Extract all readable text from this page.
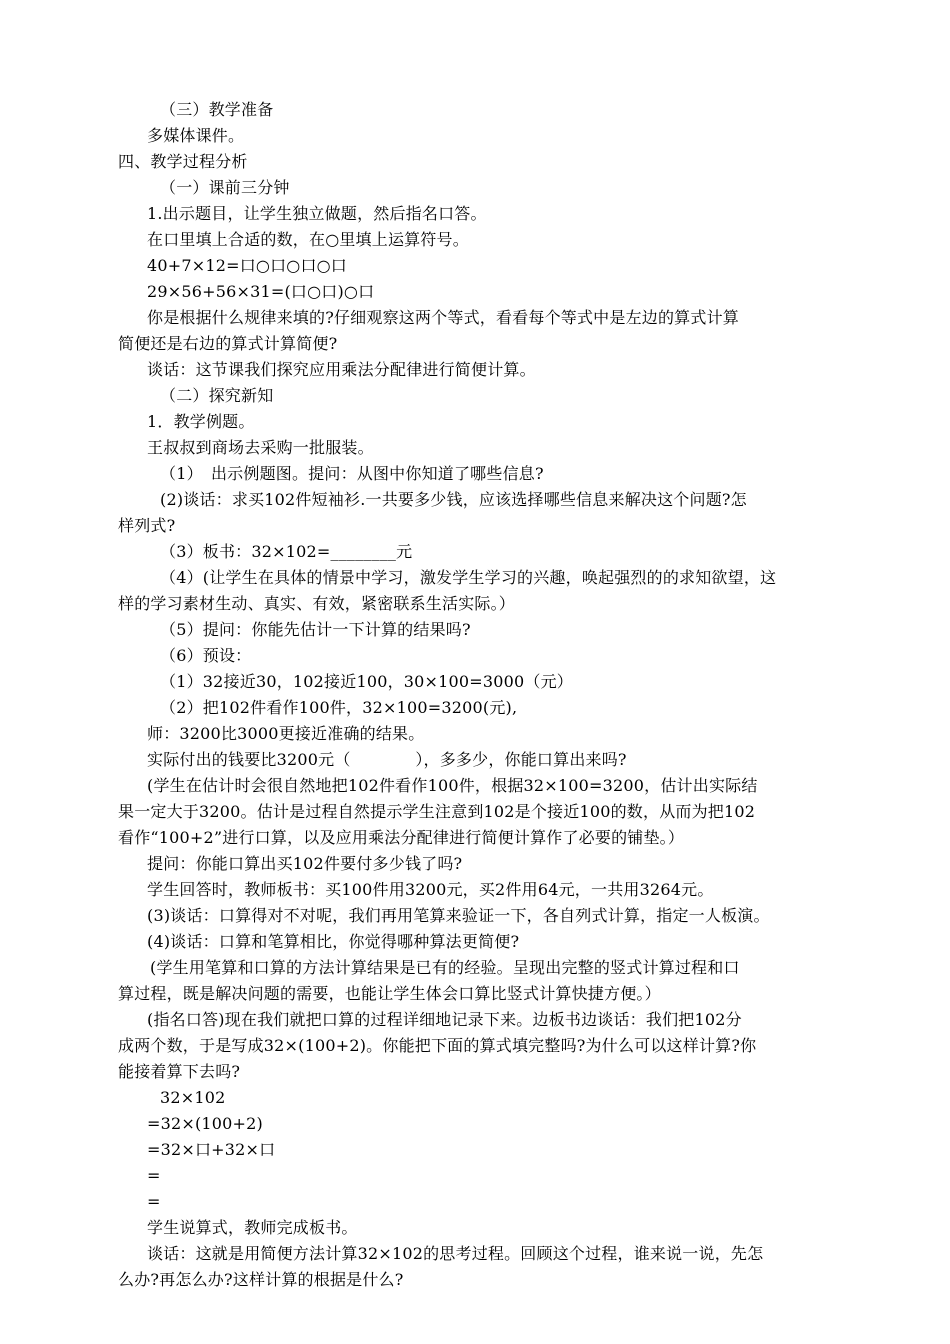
（三）教学准备
多媒体课件。
四、教学过程分析
（一）课前三分钟
1.出示题目，让学生独立做题，然后指名口答。
在口里填上合适的数，在○里填上运算符号。
40+7×12=口○口○口○口
29×56+56×31=(口○口)○口
你是根据什么规律来填的?仔细观察这两个等式，看看每个等式中是左边的算式计算
简便还是右边的算式计算简便?
谈话：这节课我们探究应用乘法分配律进行简便计算。
（二）探究新知
1．教学例题。
王叔叔到商场去采购一批服装。
（1）　出示例题图。提问：从图中你知道了哪些信息?
(2)谈话：求买102件短袖衫.一共要多少钱，应该选择哪些信息来解决这个问题?怎
样列式?
（3）板书：32×102=________元
（4）(让学生在具体的情景中学习，激发学生学习的兴趣，唤起强烈的的求知欲望，这
样的学习素材生动、真实、有效，紧密联系生活实际。）
（5）提问：你能先估计一下计算的结果吗?
（6）预设：
（1）32接近30，102接近100，30×100=3000（元）
（2）把102件看作100件，32×100=3200(元),
师：3200比3000更接近准确的结果。
实际付出的钱要比3200元（　　　　），多多少，你能口算出来吗?
(学生在估计时会很自然地把102件看作100件，根据32×100=3200，估计出实际结
果一定大于3200。估计是过程自然提示学生注意到102是个接近100的数，从而为把102
看作“100+2”进行口算，以及应用乘法分配律进行简便计算作了必要的铺垫。）
提问：你能口算出买102件要付多少钱了吗?
学生回答时，教师板书：买100件用3200元，买2件用64元，一共用3264元。
(3)谈话：口算得对不对呢，我们再用笔算来验证一下，各自列式计算，指定一人板演。
(4)谈话：口算和笔算相比，你觉得哪种算法更简便?
(学生用笔算和口算的方法计算结果是已有的经验。呈现出完整的竖式计算过程和口
算过程，既是解决问题的需要，也能让学生体会口算比竖式计算快捷方便。）
(指名口答)现在我们就把口算的过程详细地记录下来。边板书边谈话：我们把102分
成两个数，于是写成32×(100+2)。你能把下面的算式填完整吗?为什么可以这样计算?你
能接着算下去吗?
32×102
=32×(100+2)
=32×口+32×口
=
=
学生说算式，教师完成板书。
谈话：这就是用简便方法计算32×102的思考过程。回顾这个过程，谁来说一说，先怎
么办?再怎么办?这样计算的根据是什么?
